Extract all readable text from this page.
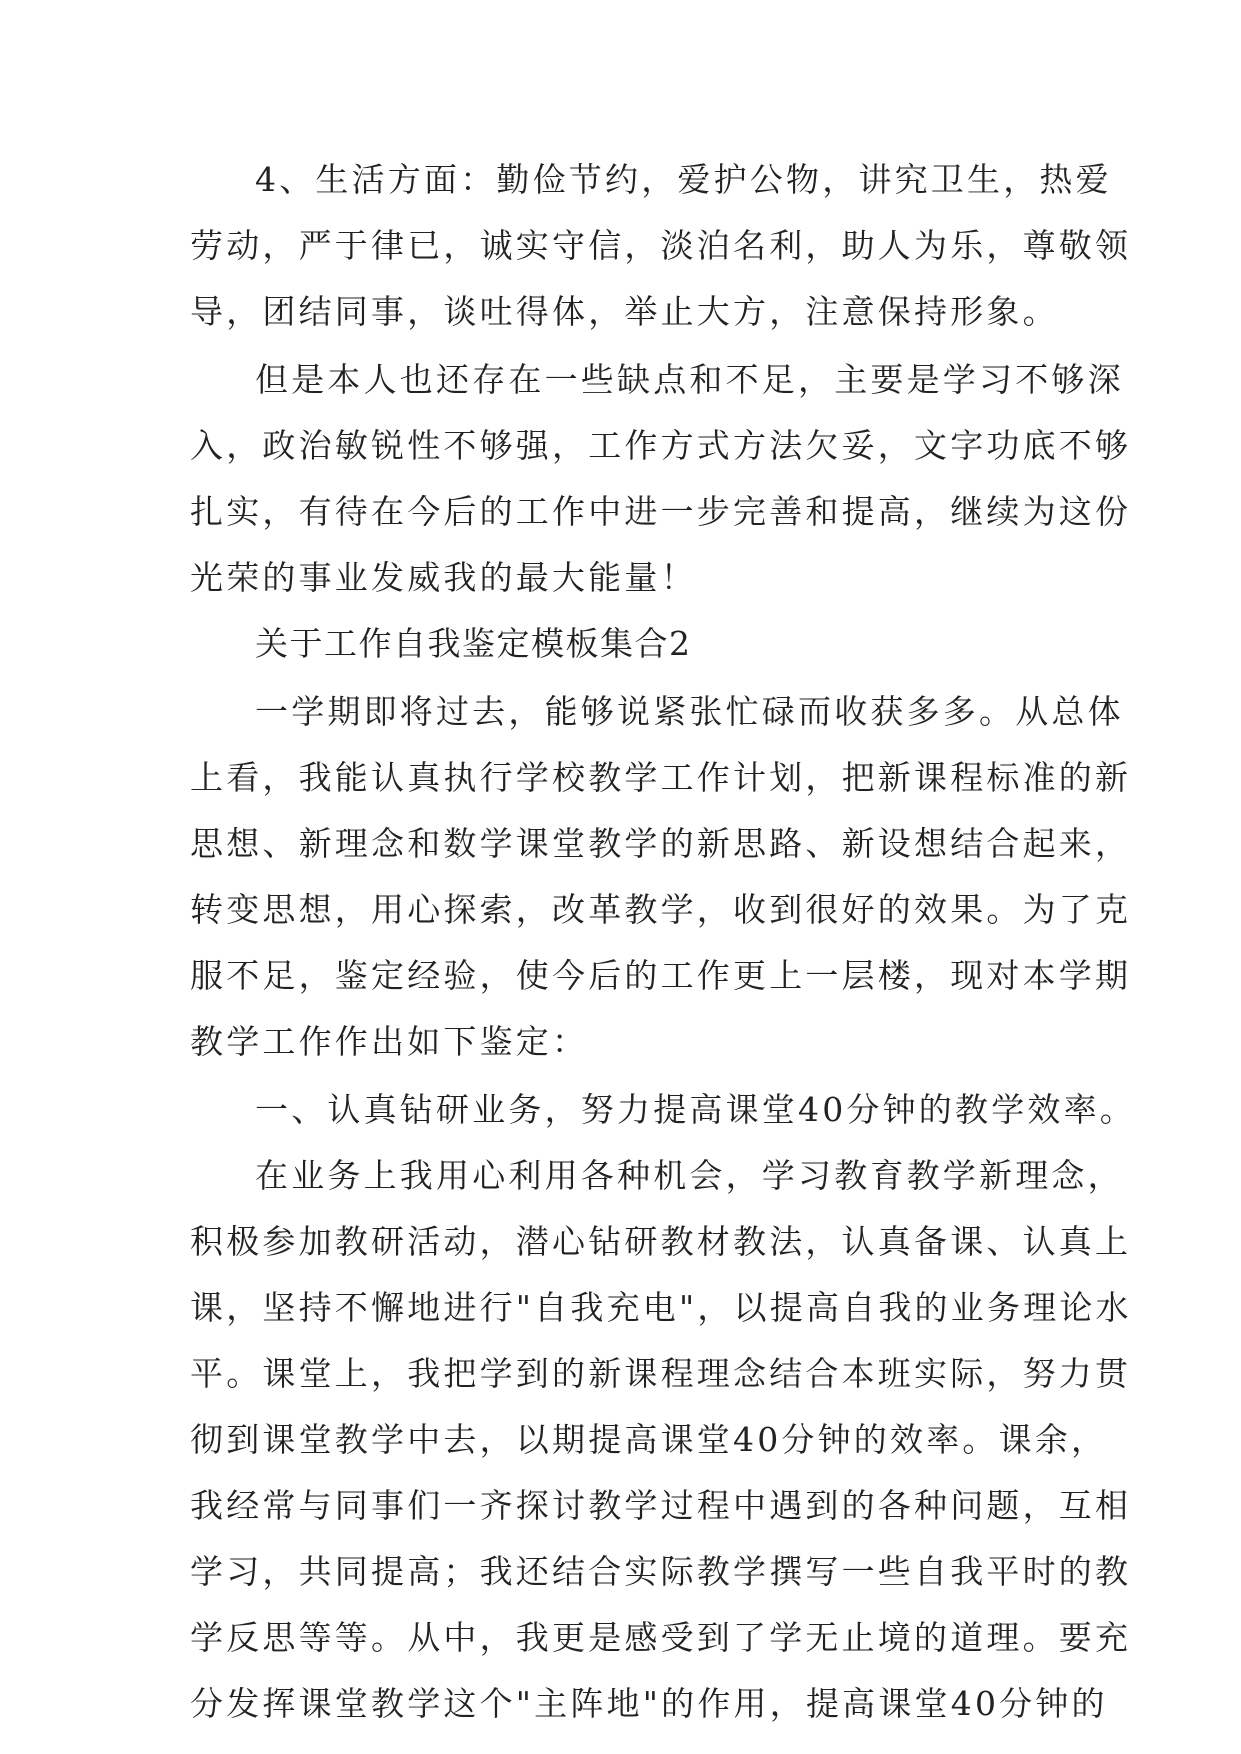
4、生活方面：勤俭节约，爱护公物，讲究卫生，热爱
劳动，严于律已，诚实守信，淡泊名利，助人为乐，尊敬领
导，团结同事，谈吐得体，举止大方，注意保持形象。
但是本人也还存在一些缺点和不足，主要是学习不够深
入，政治敏锐性不够强，工作方式方法欠妥，文字功底不够
扎实，有待在今后的工作中进一步完善和提高，继续为这份
光荣的事业发威我的最大能量！
关于工作自我鉴定模板集合2
一学期即将过去，能够说紧张忙碌而收获多多。从总体
上看，我能认真执行学校教学工作计划，把新课程标准的新
思想、新理念和数学课堂教学的新思路、新设想结合起来，
转变思想，用心探索，改革教学，收到很好的效果。为了克
服不足，鉴定经验，使今后的工作更上一层楼，现对本学期
教学工作作出如下鉴定：
一、认真钻研业务，努力提高课堂40分钟的教学效率。
在业务上我用心利用各种机会，学习教育教学新理念，
积极参加教研活动，潜心钻研教材教法，认真备课、认真上
课，坚持不懈地进行"自我充电"，以提高自我的业务理论水
平。课堂上，我把学到的新课程理念结合本班实际，努力贯
彻到课堂教学中去，以期提高课堂40分钟的效率。课余，
我经常与同事们一齐探讨教学过程中遇到的各种问题，互相
学习，共同提高；我还结合实际教学撰写一些自我平时的教
学反思等等。从中，我更是感受到了学无止境的道理。要充
分发挥课堂教学这个"主阵地"的作用，提高课堂40分钟的
